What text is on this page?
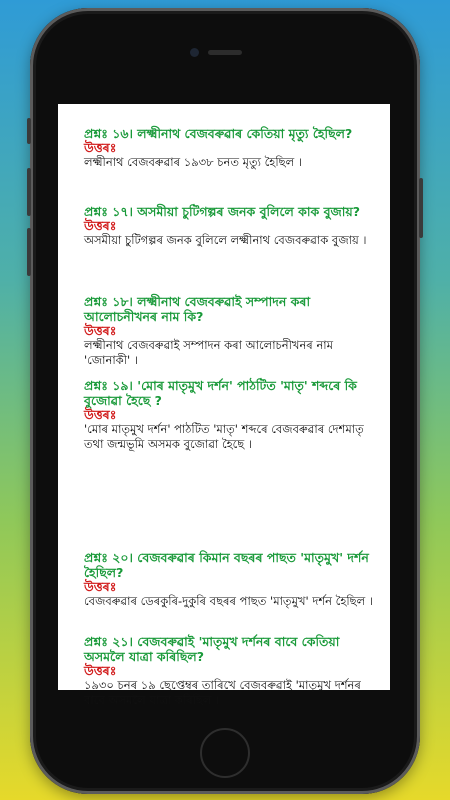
প্ৰশ্নঃ ১৬। লক্ষ্মীনাথ বেজবৰুৱাৰ কেতিয়া মৃত্যু হৈছিল?

উত্তৰঃ

লক্ষ্মীনাথ বেজবৰুৱাৰ ১৯৩৮ চনত মৃত্যু হৈছিল ।

প্ৰশ্নঃ ১৭। অসমীয়া চুটিগল্পৰ জনক বুলিলে কাক বুজায়?

উত্তৰঃ

অসমীয়া চুটিগল্পৰ জনক বুলিলে লক্ষ্মীনাথ বেজবৰুৱাক বুজায় ।

প্ৰশ্নঃ ১৮। লক্ষ্মীনাথ বেজবৰুৱাই সম্পাদন কৰা আলোচনীখনৰ নাম কি?

উত্তৰঃ

লক্ষ্মীনাথ বেজবৰুৱাই সম্পাদন কৰা আলোচনীখনৰ নাম 'জোনাকী' ।

প্ৰশ্নঃ ১৯। 'মোৰ মাতৃমুখ দৰ্শন' পাঠটিত 'মাতৃ' শব্দৰে কি বুজোৱা হৈছে ?

উত্তৰঃ

'মোৰ মাতৃমুখ দৰ্শন' পাঠটিত 'মাতৃ' শব্দৰে বেজবৰুৱাৰ দেশমাতৃ তথা জন্মভূমি অসমক বুজোৱা হৈছে ।

প্ৰশ্নঃ ২০। বেজবৰুৱাৰ কিমান বছৰৰ পাছত 'মাতৃমুখ' দৰ্শন হৈছিল?

উত্তৰঃ

বেজবৰুৱাৰ ডেৰকুৰি-দুকুৰি বছৰৰ পাছত 'মাতৃমুখ' দৰ্শন হৈছিল ।

প্ৰশ্নঃ ২১। বেজবৰুৱাই 'মাতৃমুখ দৰ্শনৰ বাবে কেতিয়া অসমলৈ যাত্ৰা কৰিছিল?

উত্তৰঃ

১৯৩০ চনৰ ১৯ ছেপ্তেম্বৰ তাৰিখে বেজবৰুৱাই 'মাতৃমুখ দৰ্শনৰ বাবে অসমলৈ যাত্ৰা কৰিছিল ।
